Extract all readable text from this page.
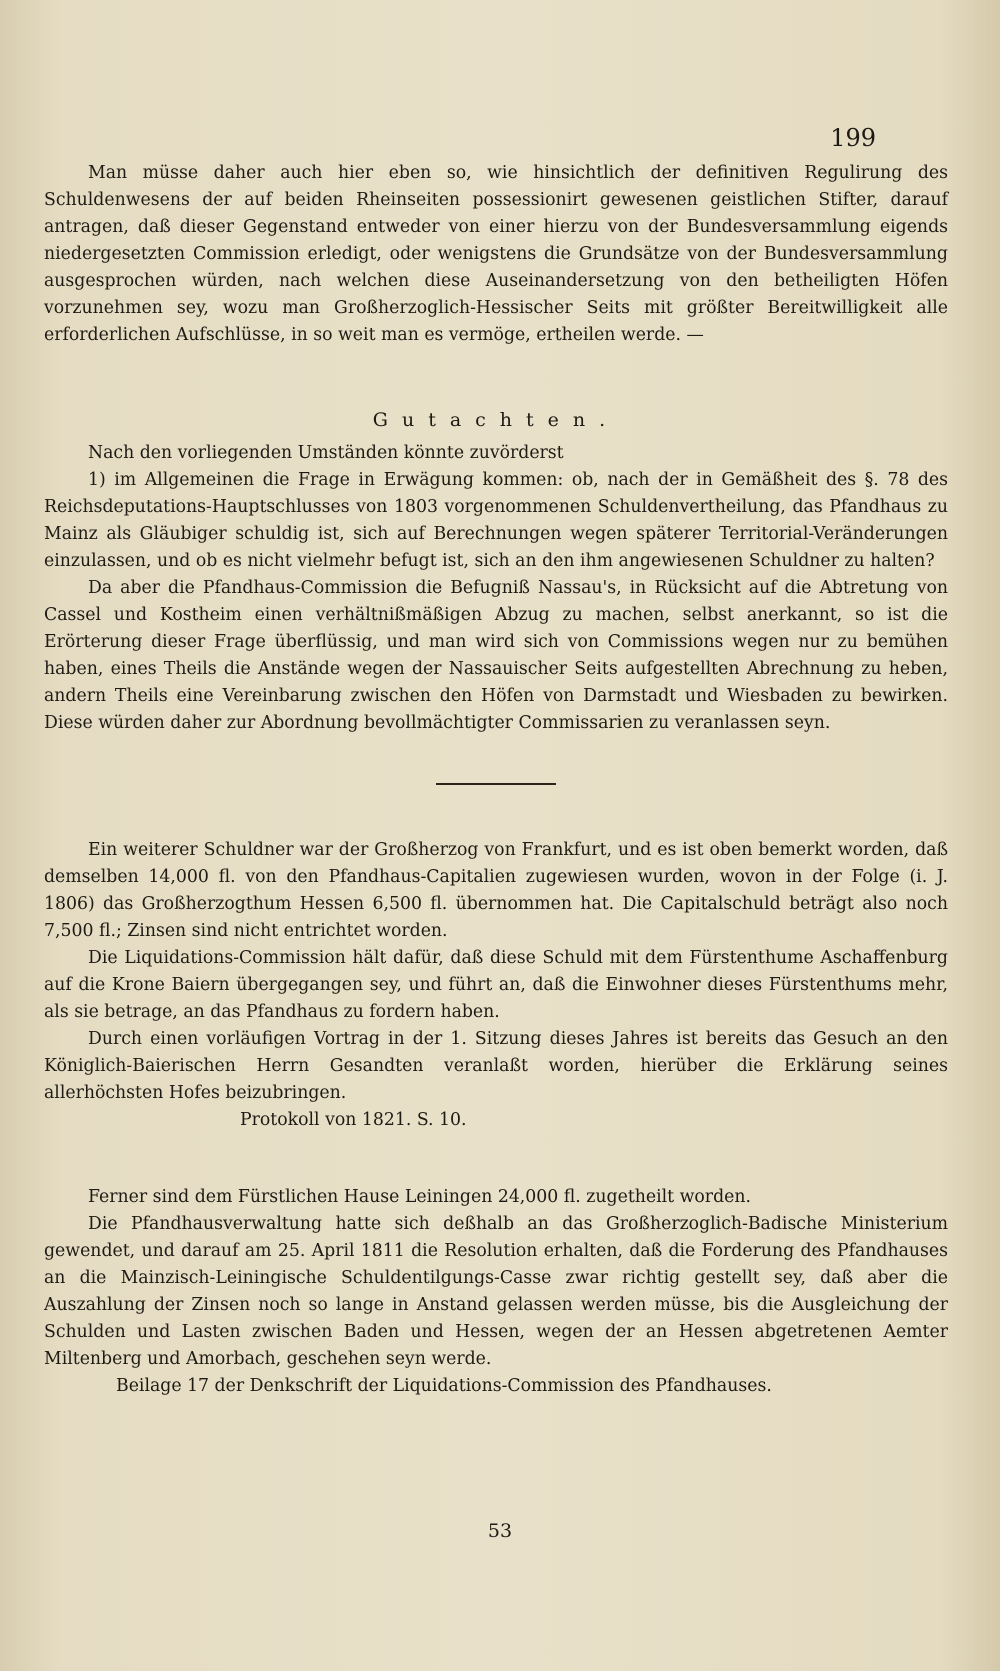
199

Man müsse daher auch hier eben so, wie hinsichtlich der definitiven Regulirung des Schuldenwesens der auf beiden Rheinseiten possessionirt gewesenen geistlichen Stifter, darauf antragen, daß dieser Gegenstand entweder von einer hierzu von der Bundesversammlung eigends niedergesetzten Commission erledigt, oder wenigstens die Grundsätze von der Bundesversammlung ausgesprochen würden, nach welchen diese Auseinandersetzung von den betheiligten Höfen vorzunehmen sey, wozu man Großherzoglich-Hessischer Seits mit größter Bereitwilligkeit alle erforderlichen Aufschlüsse, in so weit man es vermöge, ertheilen werde. —

Gutachten.

Nach den vorliegenden Umständen könnte zuvörderst

1) im Allgemeinen die Frage in Erwägung kommen: ob, nach der in Gemäßheit des §. 78 des Reichsdeputations-Hauptschlusses von 1803 vorgenommenen Schuldenvertheilung, das Pfandhaus zu Mainz als Gläubiger schuldig ist, sich auf Berechnungen wegen späterer Territorial-Veränderungen einzulassen, und ob es nicht vielmehr befugt ist, sich an den ihm angewiesenen Schuldner zu halten?

Da aber die Pfandhaus-Commission die Befugniß Nassau's, in Rücksicht auf die Abtretung von Cassel und Kostheim einen verhältnißmäßigen Abzug zu machen, selbst anerkannt, so ist die Erörterung dieser Frage überflüssig, und man wird sich von Commissions wegen nur zu bemühen haben, eines Theils die Anstände wegen der Nassauischer Seits aufgestellten Abrechnung zu heben, andern Theils eine Vereinbarung zwischen den Höfen von Darmstadt und Wiesbaden zu bewirken. Diese würden daher zur Abordnung bevollmächtigter Commissarien zu veranlassen seyn.

Ein weiterer Schuldner war der Großherzog von Frankfurt, und es ist oben bemerkt worden, daß demselben 14,000 fl. von den Pfandhaus-Capitalien zugewiesen wurden, wovon in der Folge (i. J. 1806) das Großherzogthum Hessen 6,500 fl. übernommen hat. Die Capitalschuld beträgt also noch 7,500 fl.; Zinsen sind nicht entrichtet worden.

Die Liquidations-Commission hält dafür, daß diese Schuld mit dem Fürstenthume Aschaffenburg auf die Krone Baiern übergegangen sey, und führt an, daß die Einwohner dieses Fürstenthums mehr, als sie betrage, an das Pfandhaus zu fordern haben.

Durch einen vorläufigen Vortrag in der 1. Sitzung dieses Jahres ist bereits das Gesuch an den Königlich-Baierischen Herrn Gesandten veranlaßt worden, hierüber die Erklärung seines allerhöchsten Hofes beizubringen.

Protokoll von 1821. S. 10.

Ferner sind dem Fürstlichen Hause Leiningen 24,000 fl. zugetheilt worden.

Die Pfandhausverwaltung hatte sich deßhalb an das Großherzoglich-Badische Ministerium gewendet, und darauf am 25. April 1811 die Resolution erhalten, daß die Forderung des Pfandhauses an die Mainzisch-Leiningische Schuldentilgungs-Casse zwar richtig gestellt sey, daß aber die Auszahlung der Zinsen noch so lange in Anstand gelassen werden müsse, bis die Ausgleichung der Schulden und Lasten zwischen Baden und Hessen, wegen der an Hessen abgetretenen Aemter Miltenberg und Amorbach, geschehen seyn werde.

Beilage 17 der Denkschrift der Liquidations-Commission des Pfandhauses.

53
